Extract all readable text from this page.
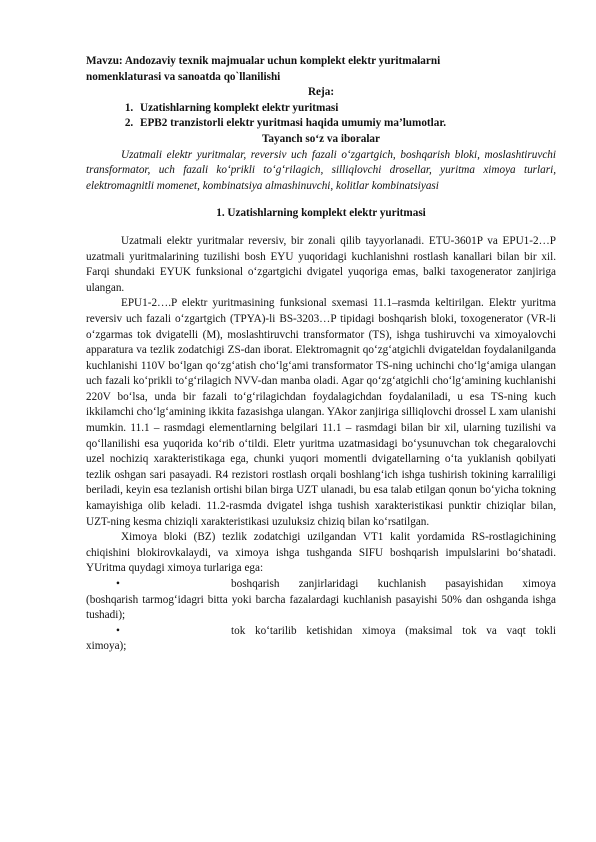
Mavzu: Andozaviy texnik majmualar uchun komplekt elektr yuritmalarni

nomenklaturasi va sanoatda qo`llanilishi

Reja:

1. Uzatishlarning komplekt elektr yuritmasi
2. EPB2 tranzistorli elektr yuritmasi haqida umumiy ma’lumotlar.

Tayanch so‘z va iboralar

Uzatmali elektr yuritmalar, reversiv uch fazali o‘zgartgich, boshqarish bloki, moslashtiruvchi transformator, uch fazali ko‘prikli to‘g‘rilagich, silliqlovchi drosellar, yuritma ximoya turlari, elektromagnitli momenet, kombinatsiya almashinuvchi, kolitlar kombinatsiyasi

1. Uzatishlarning komplekt elektr yuritmasi

Uzatmali elektr yuritmalar reversiv, bir zonali qilib tayyorlanadi. ETU-3601P va EPU1-2…P uzatmali yuritmalarining tuzilishi bosh EYU yuqoridagi kuchlanishni rostlash kanallari bilan bir xil. Farqi shundaki EYUK funksional o‘zgartgichi dvigatel yuqoriga emas, balki taxogenerator zanjiriga ulangan.

EPU1-2….P elektr yuritmasining funksional sxemasi 11.1–rasmda keltirilgan. Elektr yuritma reversiv uch fazali o‘zgartgich (TPYA)-li BS-3203…P tipidagi boshqarish bloki, toxogenerator (VR-li o‘zgarmas tok dvigatelli (M), moslashtiruvchi transformator (TS), ishga tushiruvchi va ximoyalovchi apparatura va tezlik zodatchigi ZS-dan iborat. Elektromagnit qo‘zg‘atgichli dvigateldan foydalanilganda kuchlanishi 110V bo‘lgan qo‘zg‘atish cho‘lg‘ami transformator TS-ning uchinchi cho‘lg‘amiga ulangan uch fazali ko‘prikli to‘g‘rilagich NVV-dan manba oladi. Agar qo‘zg‘atgichli cho‘lg‘amining kuchlanishi 220V bo‘lsa, unda bir fazali to‘g‘rilagichdan foydalagichdan foydalaniladi, u esa TS-ning kuch ikkilamchi cho‘lg‘amining ikkita fazasishga ulangan. YAkor zanjiriga silliqlovchi drossel L xam ulanishi mumkin. 11.1 – rasmdagi elementlarning belgilari 11.1 – rasmdagi bilan bir xil, ularning tuzilishi va qo‘llanilishi esa yuqorida ko‘rib o‘tildi. Eletr yuritma uzatmasidagi bo‘ysunuvchan tok chegaralovchi uzel nochiziq xarakteristikaga ega, chunki yuqori momentli dvigatellarning o‘ta yuklanish qobilyati tezlik oshgan sari pasayadi. R4 rezistori rostlash orqali boshlang‘ich ishga tushirish tokining karraliligi beriladi, keyin esa tezlanish ortishi bilan birga UZT ulanadi, bu esa talab etilgan qonun bo‘yicha tokning kamayishiga olib keladi. 11.2-rasmda dvigatel ishga tushish xarakteristikasi punktir chiziqlar bilan, UZT-ning kesma chiziqli xarakteristikasi uzuluksiz chiziq bilan ko‘rsatilgan.

Ximoya bloki (BZ) tezlik zodatchigi uzilgandan VT1 kalit yordamida RS-rostlagichining chiqishini blokirovkalaydi, va ximoya ishga tushganda SIFU boshqarish impulslarini bo‘shatadi. YUritma quydagi ximoya turlariga ega:

•	boshqarish zanjirlaridagi kuchlanish pasayishidan ximoya

(boshqarish tarmog‘idagri bitta yoki barcha fazalardagi kuchlanish pasayishi 50% dan oshganda ishga tushadi);

•	tok ko‘tarilib ketishidan ximoya (maksimal tok va vaqt tokli

ximoya);
